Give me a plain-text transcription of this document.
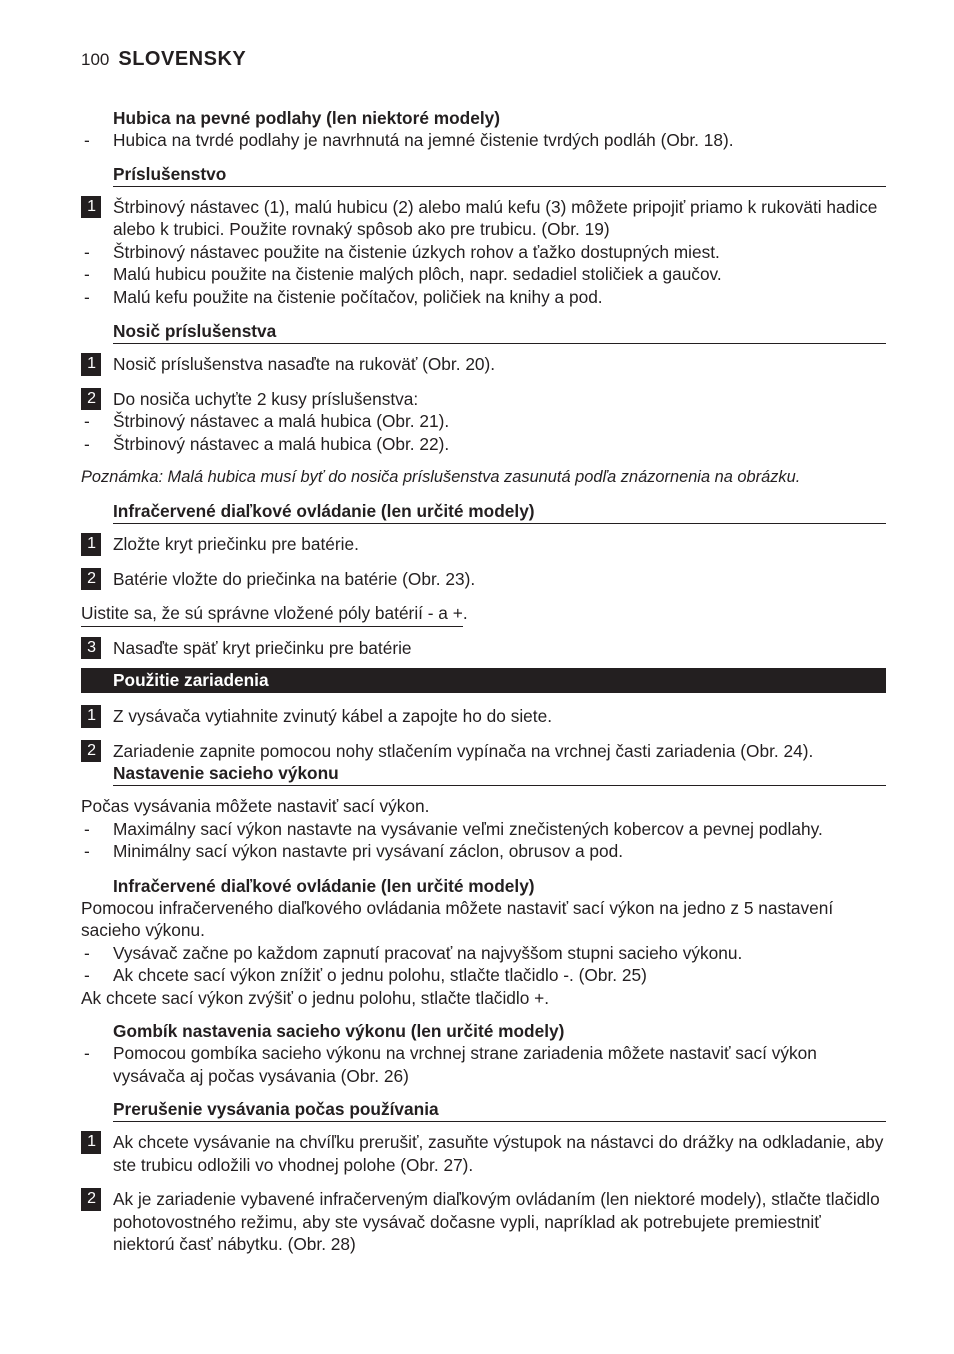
100 SLOVENSKY
Hubica na pevné podlahy (len niektoré modely)
-	Hubica na tvrdé podlahy je navrhnutá na jemné čistenie tvrdých podláh (Obr. 18).
Príslušenstvo
1 Štrbinový nástavec (1), malú hubicu (2) alebo malú kefu (3) môžete pripojiť priamo k rukoväti hadice alebo k trubici. Použite rovnaký spôsob ako pre trubicu. (Obr. 19)
-	Štrbinový nástavec použite na čistenie úzkych rohov a ťažko dostupných miest.
-	Malú hubicu použite na čistenie malých plôch, napr. sedadiel stoličiek a gaučov.
-	Malú kefu použite na čistenie počítačov, poličiek na knihy a pod.
Nosič príslušenstva
1 Nosič príslušenstva nasaďte na rukoväť (Obr. 20).
2 Do nosiča uchyťte 2 kusy príslušenstva:
-	Štrbinový nástavec a malá hubica (Obr. 21).
-	Štrbinový nástavec a malá hubica (Obr. 22).
Poznámka: Malá hubica musí byť do nosiča príslušenstva zasunutá podľa znázornenia na obrázku.
Infračervené diaľkové ovládanie (len určité modely)
1 Zložte kryt priečinku pre batérie.
2 Batérie vložte do priečinka na batérie (Obr. 23).
Uistite sa, že sú správne vložené póly batérií - a +.
3 Nasaďte späť kryt priečinku pre batérie
Použitie zariadenia
1 Z vysávača vytiahnite zvinutý kábel a zapojte ho do siete.
2 Zariadenie zapnite pomocou nohy stlačením vypínača na vrchnej časti zariadenia (Obr. 24).
Nastavenie sacieho výkonu
Počas vysávania môžete nastaviť sací výkon.
-	Maximálny sací výkon nastavte na vysávanie veľmi znečistených kobercov a pevnej podlahy.
-	Minimálny sací výkon nastavte pri vysávaní záclon, obrusov a pod.
Infračervené diaľkové ovládanie (len určité modely)
Pomocou infračerveného diaľkového ovládania môžete nastaviť sací výkon na jedno z 5 nastavení sacieho výkonu.
-	Vysávač začne po každom zapnutí pracovať na najvyššom stupni sacieho výkonu.
-	Ak chcete sací výkon znížiť o jednu polohu, stlačte tlačidlo -. (Obr. 25)
Ak chcete sací výkon zvýšiť o jednu polohu, stlačte tlačidlo +.
Gombík nastavenia sacieho výkonu (len určité modely)
-	Pomocou gombíka sacieho výkonu na vrchnej strane zariadenia môžete nastaviť sací výkon vysávača aj počas vysávania (Obr. 26)
Prerušenie vysávania počas používania
1 Ak chcete vysávanie na chvíľku prerušiť, zasuňte výstupok na nástavci do drážky na odkladanie, aby ste trubicu odložili vo vhodnej polohe (Obr. 27).
2 Ak je zariadenie vybavené infračerveným diaľkovým ovládaním (len niektoré modely), stlačte tlačidlo pohotovostného režimu, aby ste vysávač dočasne vypli, napríklad ak potrebujete premiestniť niektorú časť nábytku. (Obr. 28)
